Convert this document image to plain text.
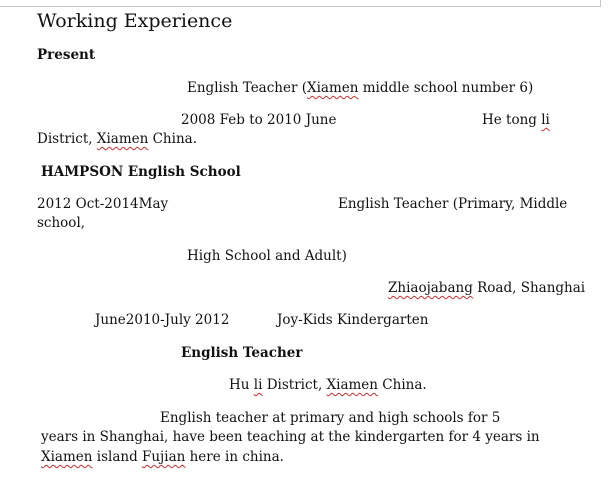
Working Experience
Present
English Teacher (Xiamen middle school number 6)
2008 Feb to 2010 June	He tong li
District, Xiamen China.
HAMPSON English School
2012 Oct-2014May	English Teacher (Primary, Middle
school,
High School and Adult)
Zhiaojabang Road, Shanghai
June2010-July 2012	Joy-Kids Kindergarten
English Teacher
Hu li District, Xiamen China.
English teacher at primary and high schools for 5
years in Shanghai, have been teaching at the kindergarten for 4 years in
Xiamen island Fujian here in china.
